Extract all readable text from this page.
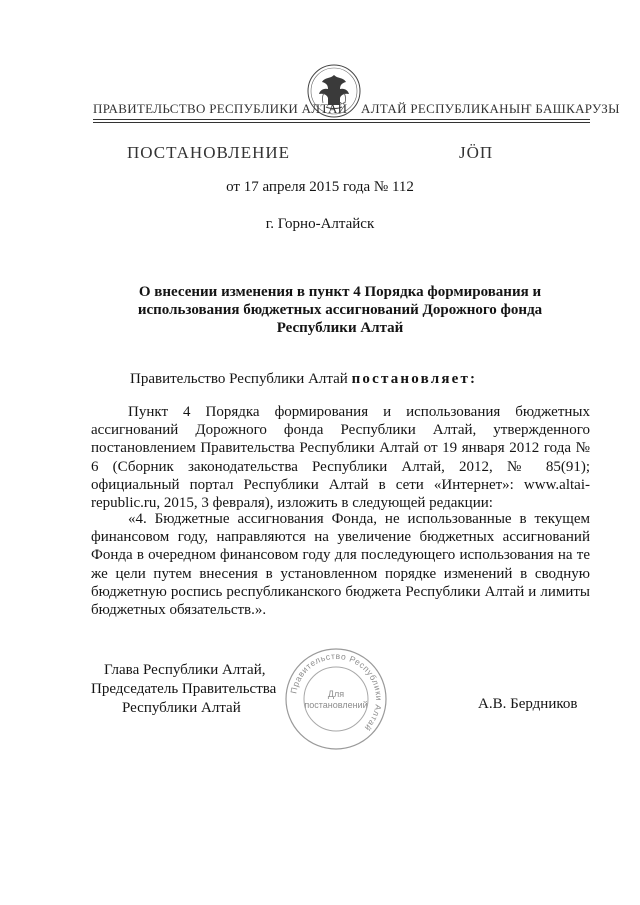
ПРАВИТЕЛЬСТВО РЕСПУБЛИКИ АЛТАЙ АЛТАЙ РЕСПУБЛИКАНЫҤ БАШКАРУЗЫ
ПОСТАНОВЛЕНИЕ	ЈӦП
от 17 апреля 2015 года № 112
г. Горно-Алтайск
О внесении изменения в пункт 4 Порядка формирования и
использования бюджетных ассигнований Дорожного фонда
Республики Алтай
Правительство Республики Алтай постановляет:
Пункт 4 Порядка формирования и использования бюджетных ассигнований Дорожного фонда Республики Алтай, утвержденного постановлением Правительства Республики Алтай от 19 января 2012 года № 6 (Сборник законодательства Республики Алтай, 2012, № 85(91); официальный портал Республики Алтай в сети «Интернет»: www.altai-republic.ru, 2015, 3 февраля), изложить в следующей редакции:
«4. Бюджетные ассигнования Фонда, не использованные в текущем финансовом году, направляются на увеличение бюджетных ассигнований Фонда в очередном финансовом году для последующего использования на те же цели путем внесения в установленном порядке изменений в сводную бюджетную роспись республиканского бюджета Республики Алтай и лимиты бюджетных обязательств.».
Глава Республики Алтай,
Председатель Правительства
Республики Алтай	А.В. Бердников
Правительство Республики Алтай
Для
постановлений
